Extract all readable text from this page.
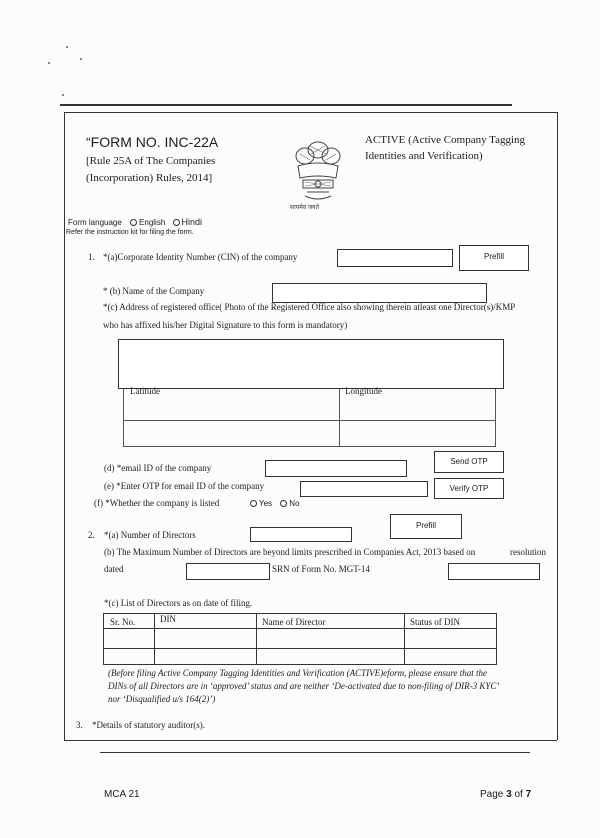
“FORM NO. INC-22A
[Rule 25A of The Companies
(Incorporation) Rules, 2014]
सत्यमेव जयते
ACTIVE (Active Company Tagging
Identities and Verification)
Form language English Hindi
Refer the instruction kit for filing the form.
1. *(a)Corporate Identity Number (CIN) of the company	Prefill
* (b) Name of the Company
*(c) Address of registered office( Photo of the Registered Office also showing therein atleast one Director(s)/KMP
who has affixed his/her Digital Signature to this form is mandatory)
Latitude	Longitude
(d) *email ID of the company
Send OTP
(e) *Enter OTP for email ID of the company	Verify OTP
(f) *Whether the company is listed	Yes No
2. *(a) Number of Directors
Prefill
(b) The Maximum Number of Directors are beyond limits prescribed in Companies Act, 2013 based on	resolution
dated	SRN of Form No. MGT-14
*(c) List of Directors as on date of filing.
Sr. No.	DIN	Name of Director	Status of DIN
(Before filing Active Company Tagging Identities and Verification (ACTIVE)eform, please ensure that the DINs of all Directors are in ‘approved’ status and are neither ‘De-activated due to non-filing of DIR-3 KYC’ nor ‘Disqualified u/s 164(2)’)
3. *Details of statutory auditor(s).
MCA 21	Page 3 of 7
